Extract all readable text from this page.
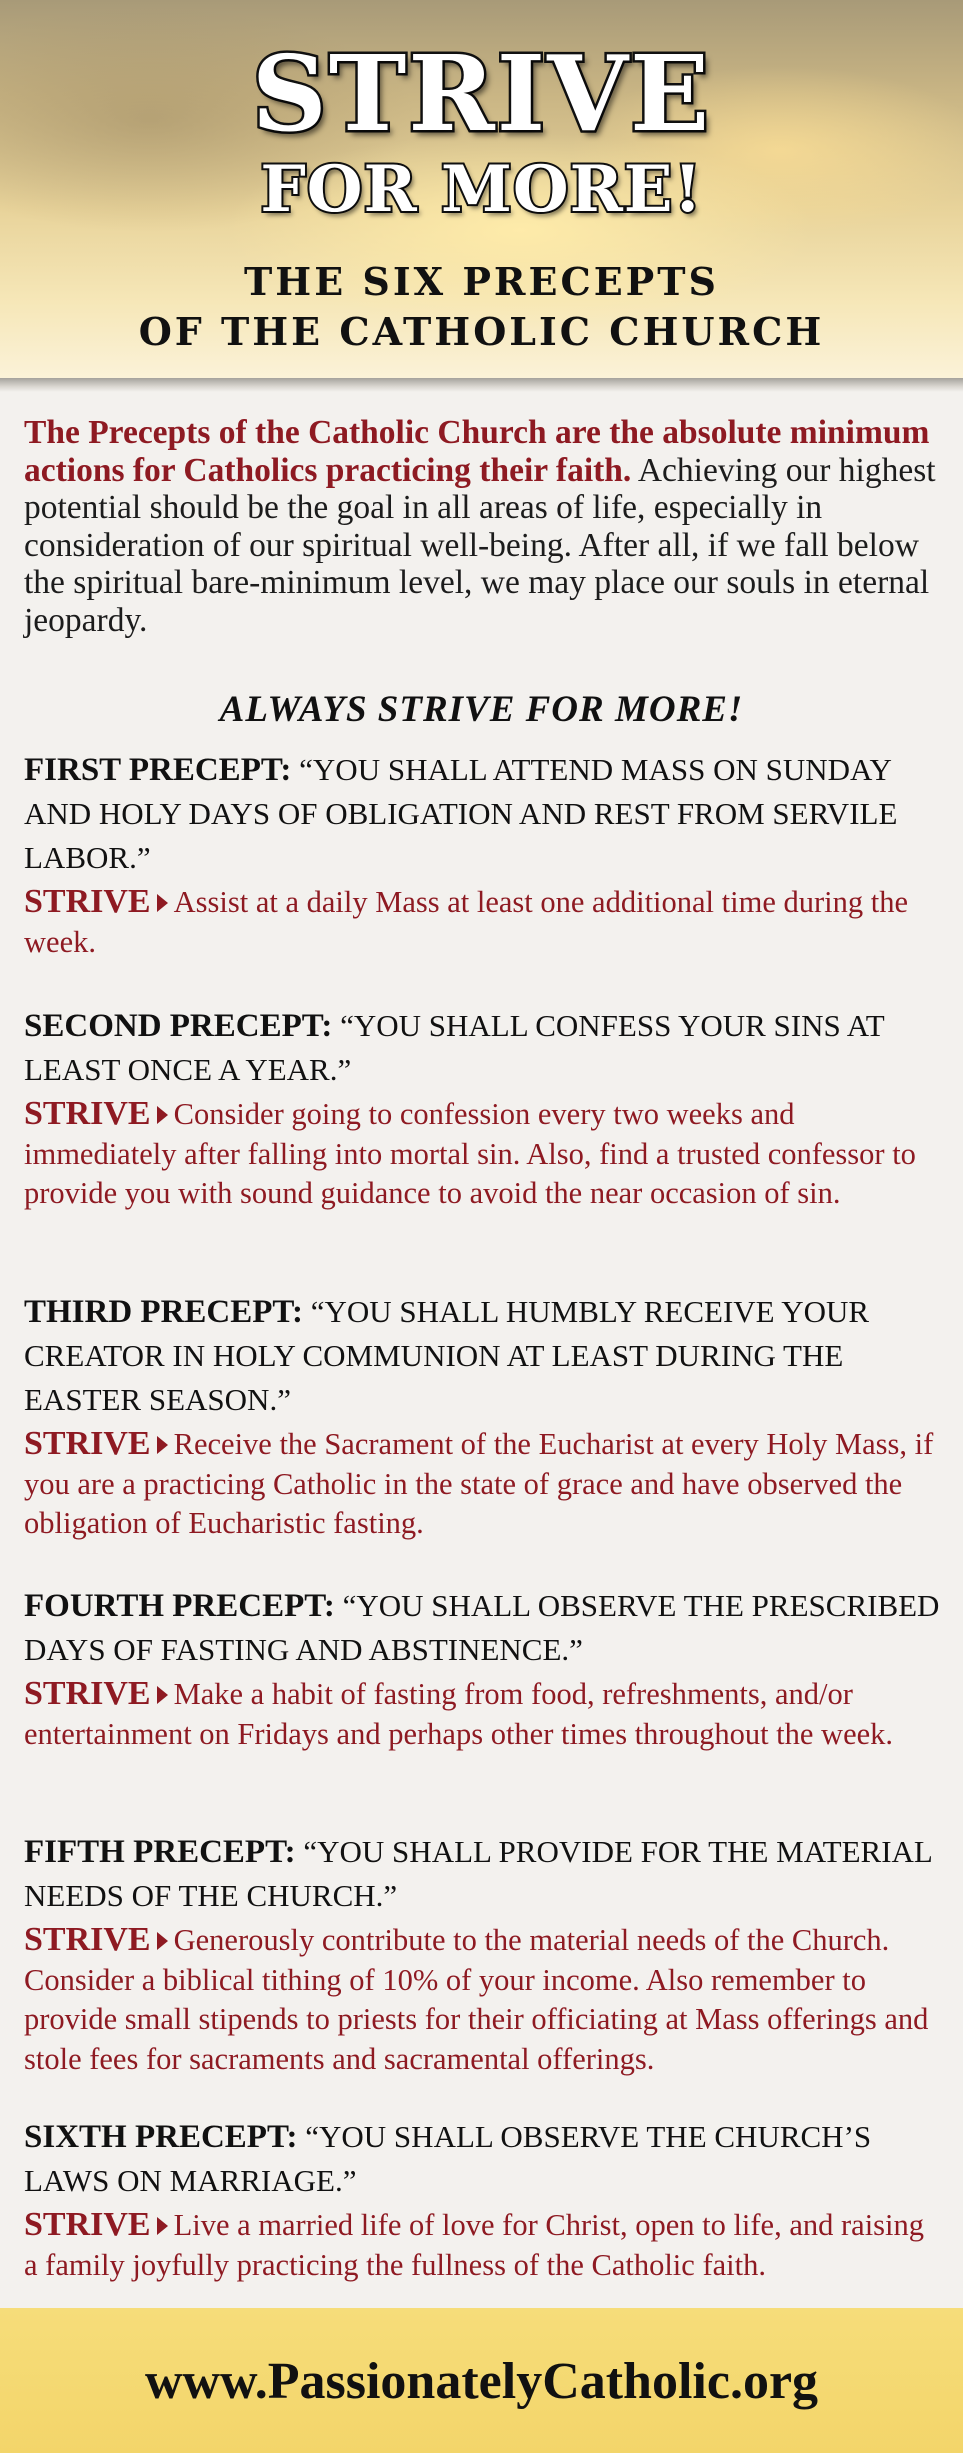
STRIVE
FOR MORE!
THE SIX PRECEPTS
OF THE CATHOLIC CHURCH
The Precepts of the Catholic Church are the absolute minimum actions for Catholics practicing their faith. Achieving our highest potential should be the goal in all areas of life, especially in consideration of our spiritual well-being. After all, if we fall below the spiritual bare-minimum level, we may place our souls in eternal jeopardy.
ALWAYS STRIVE FOR MORE!
FIRST PRECEPT: “YOU SHALL ATTEND MASS ON SUNDAY AND HOLY DAYS OF OBLIGATION AND REST FROM SERVILE LABOR.”
STRIVE Assist at a daily Mass at least one additional time during the week.
SECOND PRECEPT: “YOU SHALL CONFESS YOUR SINS AT LEAST ONCE A YEAR.”
STRIVE Consider going to confession every two weeks and immediately after falling into mortal sin. Also, find a trusted confessor to provide you with sound guidance to avoid the near occasion of sin.
THIRD PRECEPT: “YOU SHALL HUMBLY RECEIVE YOUR CREATOR IN HOLY COMMUNION AT LEAST DURING THE EASTER SEASON.”
STRIVE Receive the Sacrament of the Eucharist at every Holy Mass, if you are a practicing Catholic in the state of grace and have observed the obligation of Eucharistic fasting.
FOURTH PRECEPT: “YOU SHALL OBSERVE THE PRESCRIBED DAYS OF FASTING AND ABSTINENCE.”
STRIVE Make a habit of fasting from food, refreshments, and/or entertainment on Fridays and perhaps other times throughout the week.
FIFTH PRECEPT: “YOU SHALL PROVIDE FOR THE MATERIAL NEEDS OF THE CHURCH.”
STRIVE Generously contribute to the material needs of the Church. Consider a biblical tithing of 10% of your income. Also remember to provide small stipends to priests for their officiating at Mass offerings and stole fees for sacraments and sacramental offerings.
SIXTH PRECEPT: “YOU SHALL OBSERVE THE CHURCH’S LAWS ON MARRIAGE.”
STRIVE Live a married life of love for Christ, open to life, and raising a family joyfully practicing the fullness of the Catholic faith.
www.PassionatelyCatholic.org
